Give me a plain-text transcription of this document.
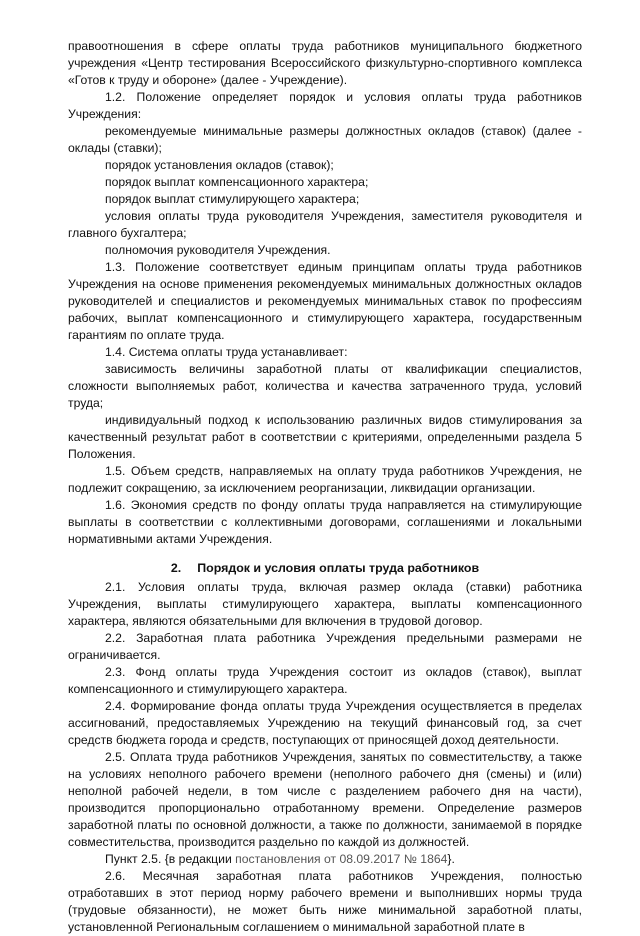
правоотношения в сфере оплаты труда работников муниципального бюджетного учреждения «Центр тестирования Всероссийского физкультурно-спортивного комплекса «Готов к труду и обороне» (далее - Учреждение).

1.2. Положение определяет порядок и условия оплаты труда работников Учреждения:

рекомендуемые минимальные размеры должностных окладов (ставок) (далее - оклады (ставки);

порядок установления окладов (ставок);

порядок выплат компенсационного характера;

порядок выплат стимулирующего характера;

условия оплаты труда руководителя Учреждения, заместителя руководителя и главного бухгалтера;

полномочия руководителя Учреждения.

1.3. Положение соответствует единым принципам оплаты труда работников Учреждения на основе применения рекомендуемых минимальных должностных окладов руководителей и специалистов и рекомендуемых минимальных ставок по профессиям рабочих, выплат компенсационного и стимулирующего характера, государственным гарантиям по оплате труда.

1.4. Система оплаты труда устанавливает:

зависимость величины заработной платы от квалификации специалистов, сложности выполняемых работ, количества и качества затраченного труда, условий труда;

индивидуальный подход к использованию различных видов стимулирования за качественный результат работ в соответствии с критериями, определенными раздела 5 Положения.

1.5. Объем средств, направляемых на оплату труда работников Учреждения, не подлежит сокращению, за исключением реорганизации, ликвидации организации.

1.6. Экономия средств по фонду оплаты труда направляется на стимулирующие выплаты в соответствии с коллективными договорами, соглашениями и локальными нормативными актами Учреждения.

2. Порядок и условия оплаты труда работников

2.1. Условия оплаты труда, включая размер оклада (ставки) работника Учреждения, выплаты стимулирующего характера, выплаты компенсационного характера, являются обязательными для включения в трудовой договор.

2.2. Заработная плата работника Учреждения предельными размерами не ограничивается.

2.3. Фонд оплаты труда Учреждения состоит из окладов (ставок), выплат компенсационного и стимулирующего характера.

2.4. Формирование фонда оплаты труда Учреждения осуществляется в пределах ассигнований, предоставляемых Учреждению на текущий финансовый год, за счет средств бюджета города и средств, поступающих от приносящей доход деятельности.

2.5. Оплата труда работников Учреждения, занятых по совместительству, а также на условиях неполного рабочего времени (неполного рабочего дня (смены) и (или) неполной рабочей недели, в том числе с разделением рабочего дня на части), производится пропорционально отработанному времени. Определение размеров заработной платы по основной должности, а также по должности, занимаемой в порядке совместительства, производится раздельно по каждой из должностей.

Пункт 2.5. {в редакции постановления от 08.09.2017 № 1864}.

2.6. Месячная заработная плата работников Учреждения, полностью отработавших в этот период норму рабочего времени и выполнивших нормы труда (трудовые обязанности), не может быть ниже минимальной заработной платы, установленной Региональным соглашением о минимальной заработной плате в
